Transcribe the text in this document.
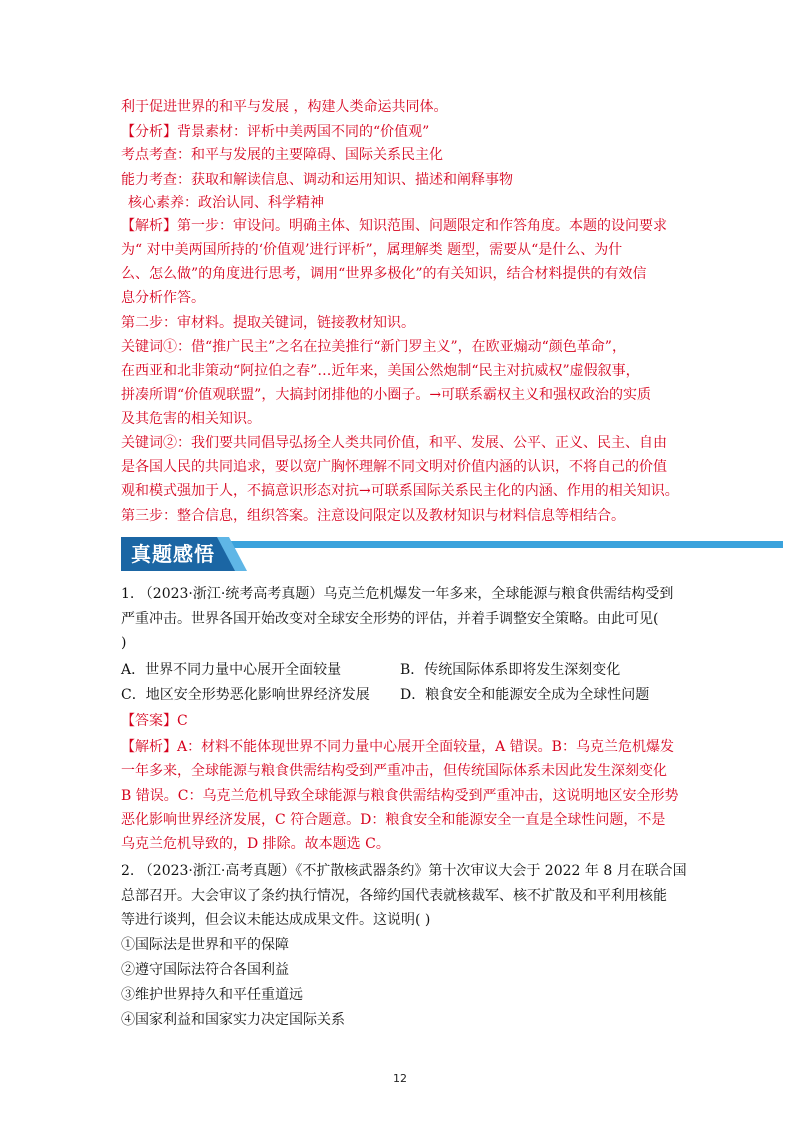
利于促进世界的和平与发展 ，构建人类命运共同体。
【分析】背景素材：评析中美两国不同的“价值观”
考点考查：和平与发展的主要障碍、国际关系民主化
能力考查：获取和解读信息、调动和运用知识、描述和阐释事物
核心素养：政治认同、科学精神
【解析】第一步：审设问。明确主体、知识范围、问题限定和作答角度。本题的设问要求
为“ 对中美两国所持的‘价值观’进行评析”，属理解类 题型，需要从“是什么、为什
么、怎么做”的角度进行思考，调用“世界多极化”的有关知识，结合材料提供的有效信
息分析作答。
第二步：审材料。提取关键词，链接教材知识。
关键词①：借“推广民主”之名在拉美推行“新门罗主义”，在欧亚煽动“颜色革命”，
在西亚和北非策动“阿拉伯之春”…近年来，美国公然炮制“民主对抗威权”虚假叙事，
拼凑所谓“价值观联盟”，大搞封闭排他的小圈子。→可联系霸权主义和强权政治的实质
及其危害的相关知识。
关键词②：我们要共同倡导弘扬全人类共同价值，和平、发展、公平、正义、民主、自由
是各国人民的共同追求，要以宽广胸怀理解不同文明对价值内涵的认识，不将自己的价值
观和模式强加于人，不搞意识形态对抗→可联系国际关系民主化的内涵、作用的相关知识。
第三步：整合信息，组织答案。注意设问限定以及教材知识与材料信息等相结合。
真题感悟
1. （2023·浙江·统考高考真题）乌克兰危机爆发一年多来，全球能源与粮食供需结构受到
严重冲击。世界各国开始改变对全球安全形势的评估，并着手调整安全策略。由此可见(
)
A．世界不同力量中心展开全面较量	B．传统国际体系即将发生深刻变化
C．地区安全形势恶化影响世界经济发展 D．粮食安全和能源安全成为全球性问题
【答案】C
【解析】A：材料不能体现世界不同力量中心展开全面较量，A 错误。B：乌克兰危机爆发
一年多来，全球能源与粮食供需结构受到严重冲击，但传统国际体系未因此发生深刻变化
B 错误。C：乌克兰危机导致全球能源与粮食供需结构受到严重冲击，这说明地区安全形势
恶化影响世界经济发展，C 符合题意。D：粮食安全和能源安全一直是全球性问题，不是
乌克兰危机导致的，D 排除。故本题选 C。
2. （2023·浙江·高考真题）《不扩散核武器条约》第十次审议大会于 2022 年 8 月在联合国
总部召开。大会审议了条约执行情况，各缔约国代表就核裁军、核不扩散及和平利用核能
等进行谈判，但会议未能达成成果文件。这说明( )
①国际法是世界和平的保障
②遵守国际法符合各国利益
③维护世界持久和平任重道远
④国家利益和国家实力决定国际关系
12
